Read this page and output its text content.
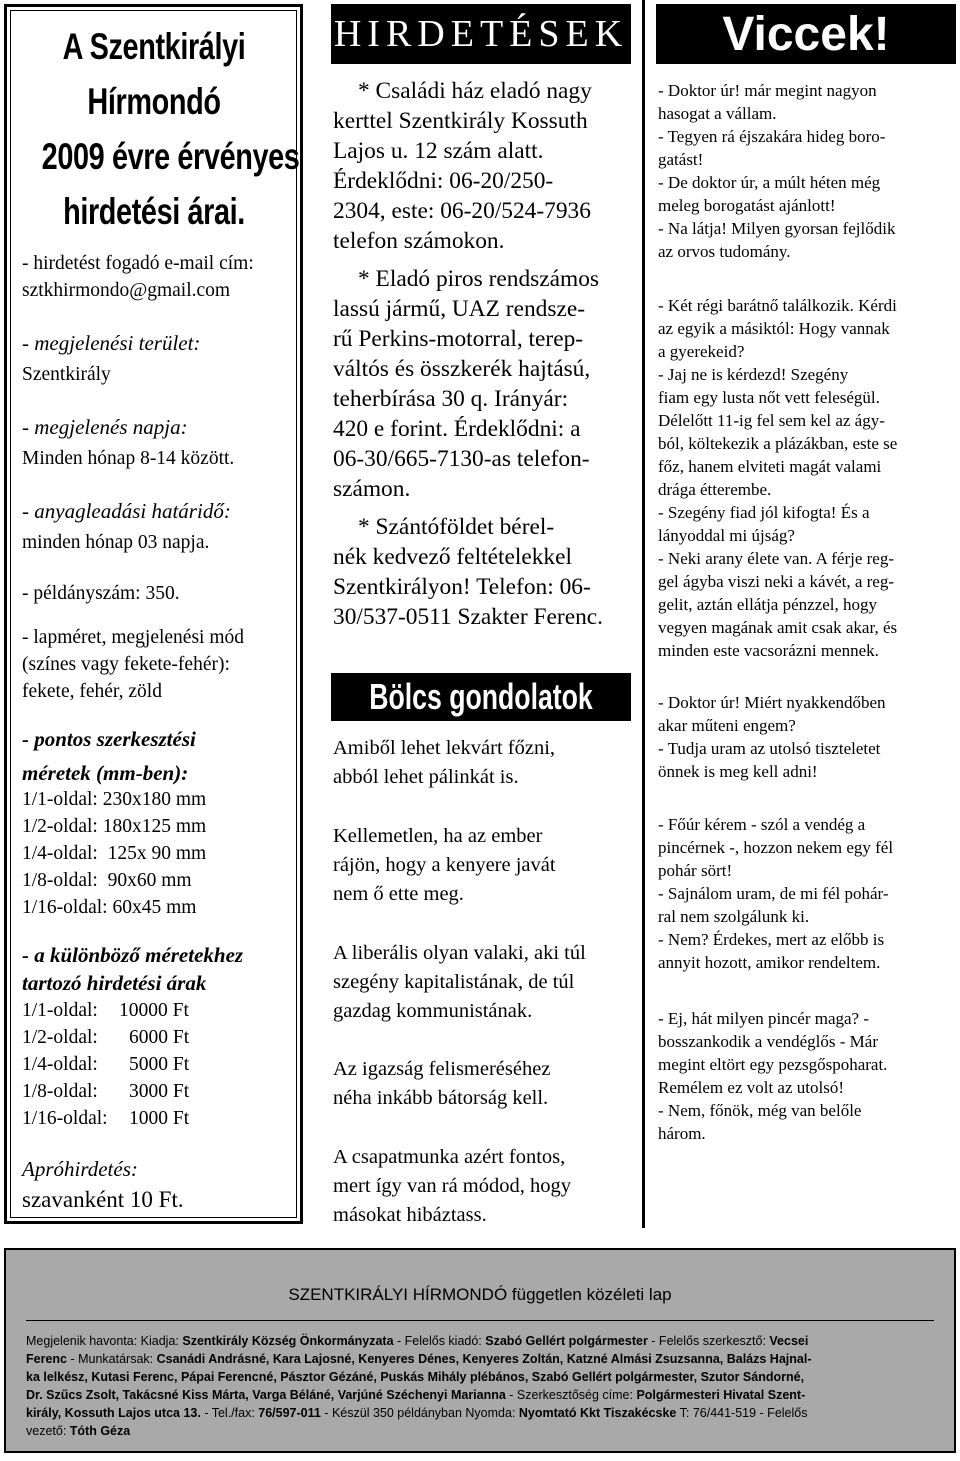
A Szentkirályi
Hírmondó
2009 évre érvényes
hirdetési árai.
- hirdetést fogadó e-mail cím:
sztkhirmondo@gmail.com
- megjelenési terület:
Szentkirály
- megjelenés napja:
Minden hónap 8-14 között.
- anyagleadási határidő:
minden hónap 03 napja.
- példányszám: 350.
- lapméret, megjelenési mód
(színes vagy fekete-fehér):
fekete, fehér, zöld
- pontos szerkesztési
méretek (mm-ben):
1/1-oldal: 230x180 mm
1/2-oldal: 180x125 mm
1/4-oldal: 125x 90 mm
1/8-oldal: 90x60 mm
1/16-oldal: 60x45 mm
- a különböző méretekhez
tartozó hirdetési árak
1/1-oldal: 10000 Ft
1/2-oldal: 6000 Ft
1/4-oldal: 5000 Ft
1/8-oldal: 3000 Ft
1/16-oldal: 1000 Ft
Apróhirdetés:
szavanként 10 Ft.
HIRDETÉSEK
* Családi ház eladó nagy
kerttel Szentkirály Kossuth
Lajos u. 12 szám alatt.
Érdeklődni: 06-20/250-
2304, este: 06-20/524-7936
telefon számokon.
* Eladó piros rendszámos
lassú jármű, UAZ rendsze-
rű Perkins-motorral, terep-
váltós és összkerék hajtású,
teherbírása 30 q. Irányár:
420 e forint. Érdeklődni: a
06-30/665-7130-as telefon-
számon.
* Szántóföldet bérel-
nék kedvező feltételekkel
Szentkirályon! Telefon: 06-
30/537-0511 Szakter Ferenc.
Bölcs gondolatok
Amiből lehet lekvárt főzni,
abból lehet pálinkát is.
Kellemetlen, ha az ember
rájön, hogy a kenyere javát
nem ő ette meg.
A liberális olyan valaki, aki túl
szegény kapitalistának, de túl
gazdag kommunistának.
Az igazság felismeréséhez
néha inkább bátorság kell.
A csapatmunka azért fontos,
mert így van rá módod, hogy
másokat hibáztass.
Viccek!
- Doktor úr! már megint nagyon
hasogat a vállam.
- Tegyen rá éjszakára hideg boro-
gatást!
- De doktor úr, a múlt héten még
meleg borogatást ajánlott!
- Na látja! Milyen gyorsan fejlődik
az orvos tudomány.
- Két régi barátnő találkozik. Kérdi
az egyik a másiktól: Hogy vannak
a gyerekeid?
- Jaj ne is kérdezd! Szegény
fiam egy lusta nőt vett feleségül.
Délelőtt 11-ig fel sem kel az ágy-
ból, költekezik a plázákban, este se
főz, hanem elviteti magát valami
drága étterembe.
- Szegény fiad jól kifogta! És a
lányoddal mi újság?
- Neki arany élete van. A férje reg-
gel ágyba viszi neki a kávét, a reg-
gelit, aztán ellátja pénzzel, hogy
vegyen magának amit csak akar, és
minden este vacsorázni mennek.
- Doktor úr! Miért nyakkendőben
akar műteni engem?
- Tudja uram az utolsó tiszteletet
önnek is meg kell adni!
- Főúr kérem - szól a vendég a
pincérnek -, hozzon nekem egy fél
pohár sört!
- Sajnálom uram, de mi fél pohár-
ral nem szolgálunk ki.
- Nem? Érdekes, mert az előbb is
annyit hozott, amikor rendeltem.
- Ej, hát milyen pincér maga? -
bosszankodik a vendéglős - Már
megint eltört egy pezsgőspoharat.
Remélem ez volt az utolsó!
- Nem, főnök, még van belőle
három.
SZENTKIRÁLYI HÍRMONDÓ független közéleti lap
Megjelenik havonta: Kiadja: Szentkirály Község Önkormányzata - Felelős kiadó: Szabó Gellért polgármester - Felelős szerkesztő: Vecsei
Ferenc - Munkatársak: Csanádi Andrásné, Kara Lajosné, Kenyeres Dénes, Kenyeres Zoltán, Katzné Almási Zsuzsanna, Balázs Hajnal-
ka lelkész, Kutasi Ferenc, Pápai Ferencné, Pásztor Gézáné, Puskás Mihály plébános, Szabó Gellért polgármester, Szutor Sándorné,
Dr. Szűcs Zsolt, Takácsné Kiss Márta, Varga Béláné, Varjúné Széchenyi Marianna - Szerkesztőség címe: Polgármesteri Hivatal Szent-
király, Kossuth Lajos utca 13. - Tel./fax: 76/597-011 - Készül 350 példányban Nyomda: Nyomtató Kkt Tiszakécske T: 76/441-519 - Felelős
vezető: Tóth Géza
